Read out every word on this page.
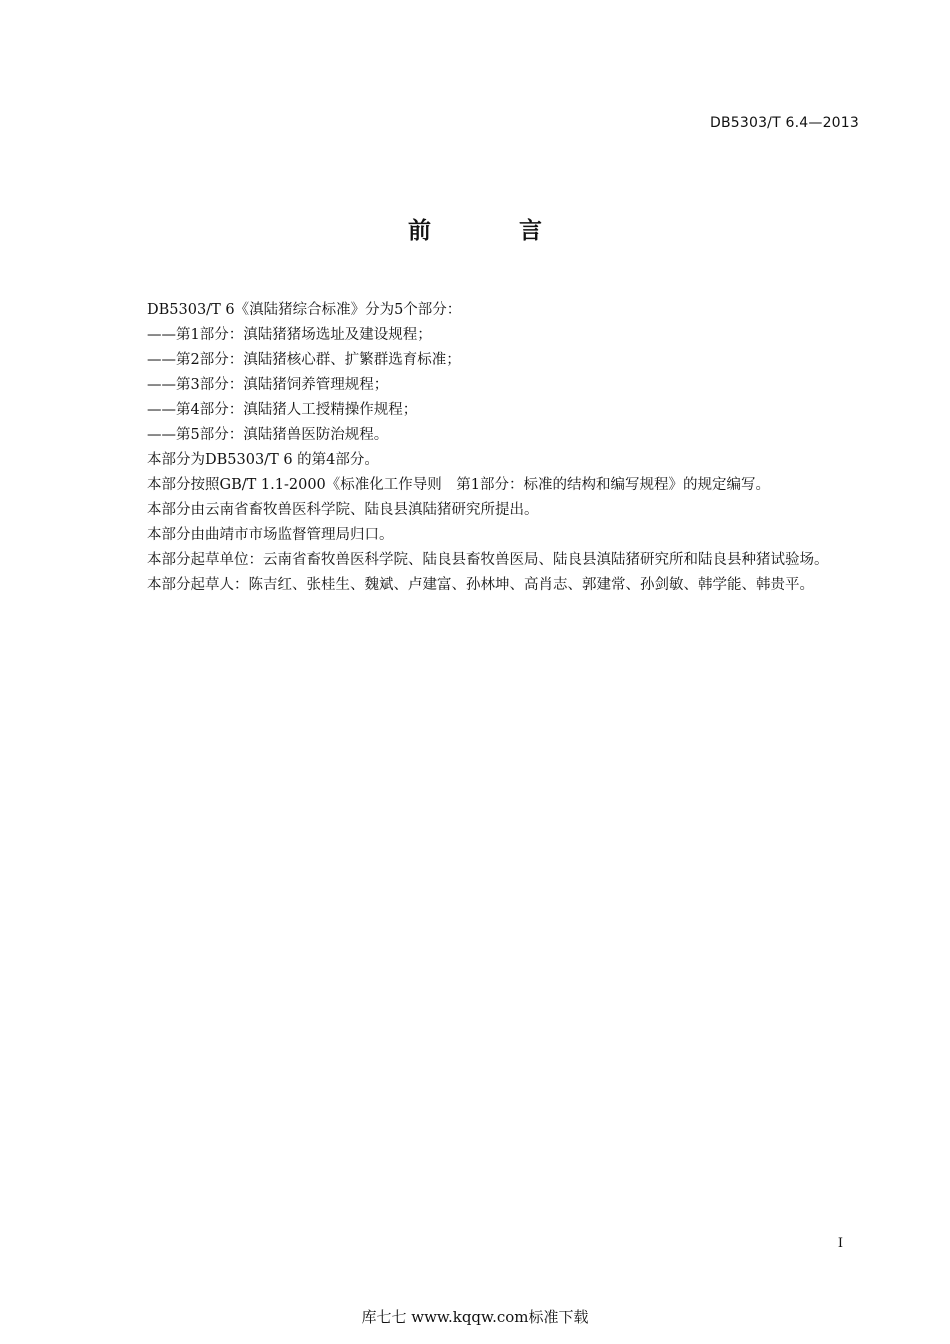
DB5303/T 6.4—2013
前 言

DB5303/T 6《滇陆猪综合标准》分为5个部分：

——第1部分：滇陆猪猪场选址及建设规程；

——第2部分：滇陆猪核心群、扩繁群选育标准；

——第3部分：滇陆猪饲养管理规程；

——第4部分：滇陆猪人工授精操作规程；

——第5部分：滇陆猪兽医防治规程。

本部分为DB5303/T 6 的第4部分。

本部分按照GB/T 1.1-2000《标准化工作导则　第1部分：标准的结构和编写规程》的规定编写。

本部分由云南省畜牧兽医科学院、陆良县滇陆猪研究所提出。

本部分由曲靖市市场监督管理局归口。

本部分起草单位：云南省畜牧兽医科学院、陆良县畜牧兽医局、陆良县滇陆猪研究所和陆良县种猪试验场。

本部分起草人：陈吉红、张桂生、魏斌、卢建富、孙林坤、高肖志、郭建常、孙剑敏、韩学能、韩贵平。

I
库七七 www.kqqw.com标准下载
